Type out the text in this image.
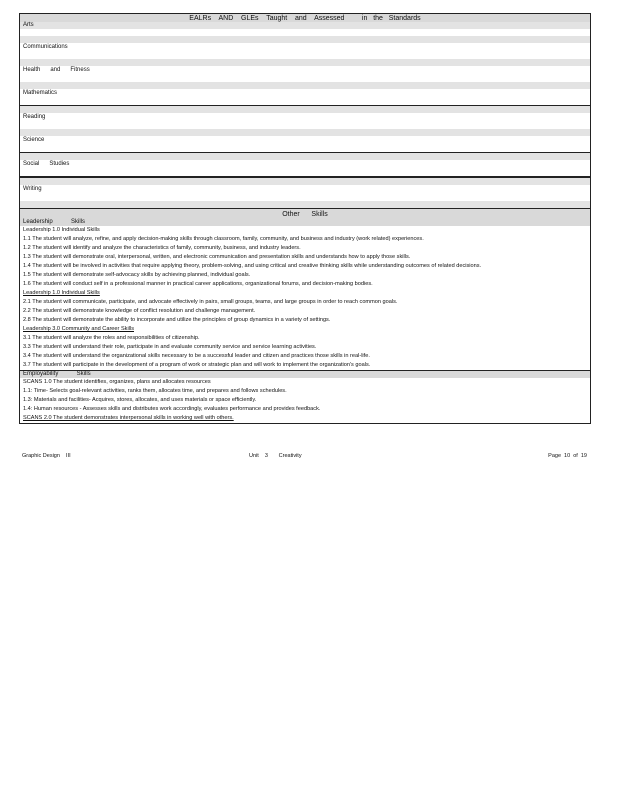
EALRs    AND    GLEs    Taught    and    Assessed         in   the   Standards
Arts
Communications
Health      and      Fitness
Mathematics
Reading
Science
Social      Studies
Writing
Other      Skills
Leadership           Skills
Leadership 1.0 Individual Skills
1.1 The student will analyze, refine, and apply decision-making skills through classroom, family, community, and business and industry (work related) experiences.
1.2 The student will identify and analyze the characteristics of family, community, business, and industry leaders.
1.3 The student will demonstrate oral, interpersonal, written, and electronic communication and presentation skills and understands how to apply those skills.
1.4 The student will be involved in activities that require applying theory, problem-solving, and using critical and creative thinking skills while understanding outcomes of related decisions.
1.5 The student will demonstrate self-advocacy skills by achieving planned, individual goals.
1.6 The student will conduct self in a professional manner in practical career applications, organizational forums, and decision-making bodies.
Leadership 1.0 Individual Skills
2.1 The student will communicate, participate, and advocate effectively in pairs, small groups, teams, and large groups in order to reach common goals.
2.2 The student will demonstrate knowledge of conflict resolution and challenge management.
2.8 The student will demonstrate the ability to incorporate and utilize the principles of group dynamics in a variety of settings.
Leadership 3.0 Community and Career Skills
3.1 The student will analyze the roles and responsibilities of citizenship.
3.3 The student will understand their role, participate in and evaluate community service and service learning activities.
3.4 The student will understand the organizational skills necessary to be a successful leader and citizen and practices those skills in real-life.
3.7 The student will participate in the development of a program of work or strategic plan and will work to implement the organization's goals.
Employability           Skills
SCANS 1.0 The student identifies, organizes, plans and allocates resources
1.1: Time- Selects goal-relevant activities, ranks them, allocates time, and prepares and follows schedules.
1.3: Materials and facilities- Acquires, stores, allocates, and uses materials or space efficiently.
1.4: Human resources - Assesses skills and distributes work accordingly, evaluates performance and provides feedback.
SCANS 2.0 The student demonstrates interpersonal skills in working well with others.
Graphic Design    III	Unit    3       Creativity	Page  10  of  19
